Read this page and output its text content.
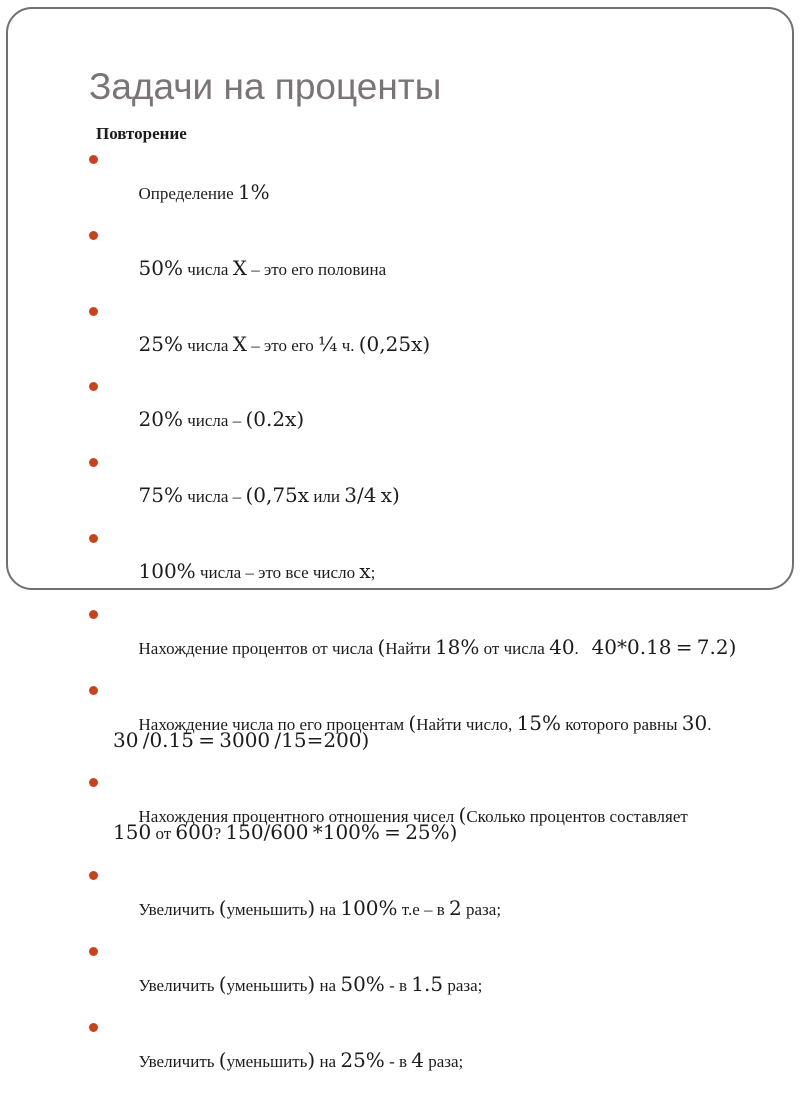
Задачи на проценты
Повторение

Определение 1%

50% числа X – это его половина

25% числа X – это его ¼ ч. (0,25x)

20% числа – (0.2x)

75% числа – (0,75x или 3/4 x)

100% числа – это все число x;

Нахождение процентов от числа (Найти 18% от числа 40.   40*0.18 = 7.2)

Нахождение числа по его процентам (Найти число, 15% которого равны 30.
30 /0.15 = 3000 /15=200)

Нахождения процентного отношения чисел (Сколько процентов составляет
150 от 600? 150/600 *100% = 25%)

Увеличить (уменьшить) на 100% т.е – в 2 раза;

Увеличить (уменьшить) на 50% - в 1.5 раза;

Увеличить (уменьшить) на 25% - в 4 раза;
